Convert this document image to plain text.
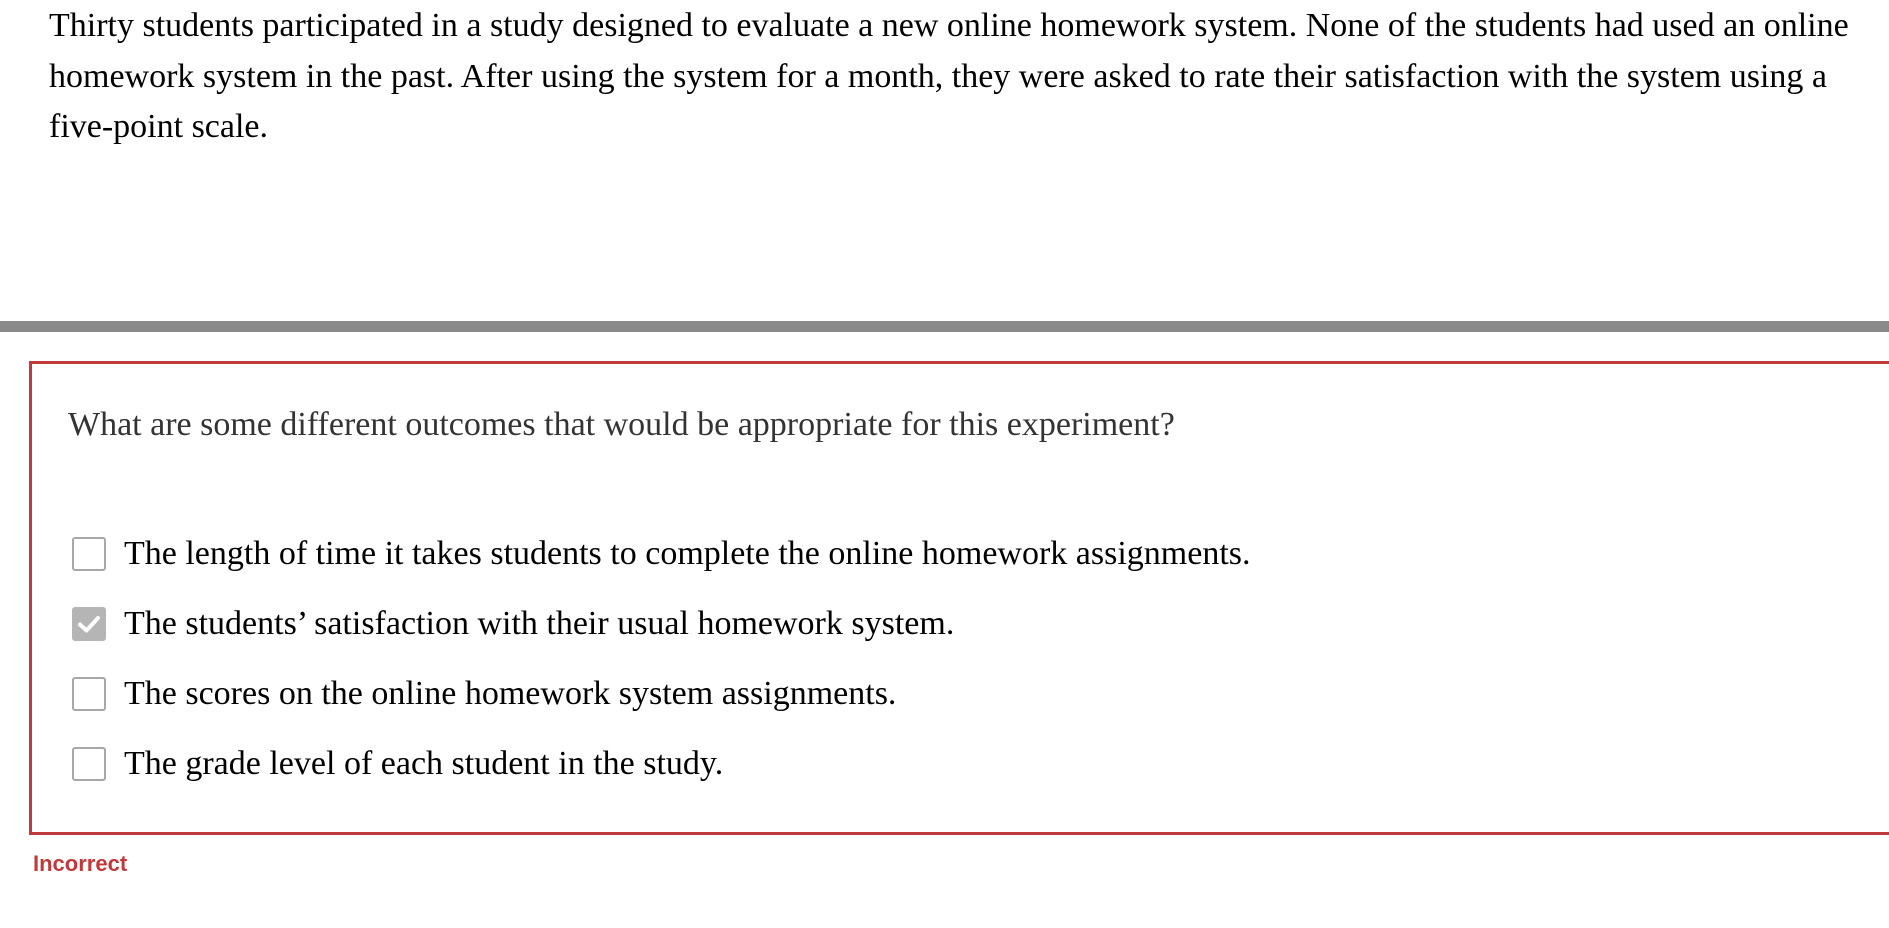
Thirty students participated in a study designed to evaluate a new online homework system. None of the students had used an online homework system in the past. After using the system for a month, they were asked to rate their satisfaction with the system using a five-point scale.

What are some different outcomes that would be appropriate for this experiment?

The length of time it takes students to complete the online homework assignments.
The students’ satisfaction with their usual homework system.
The scores on the online homework system assignments.
The grade level of each student in the study.
Incorrect
